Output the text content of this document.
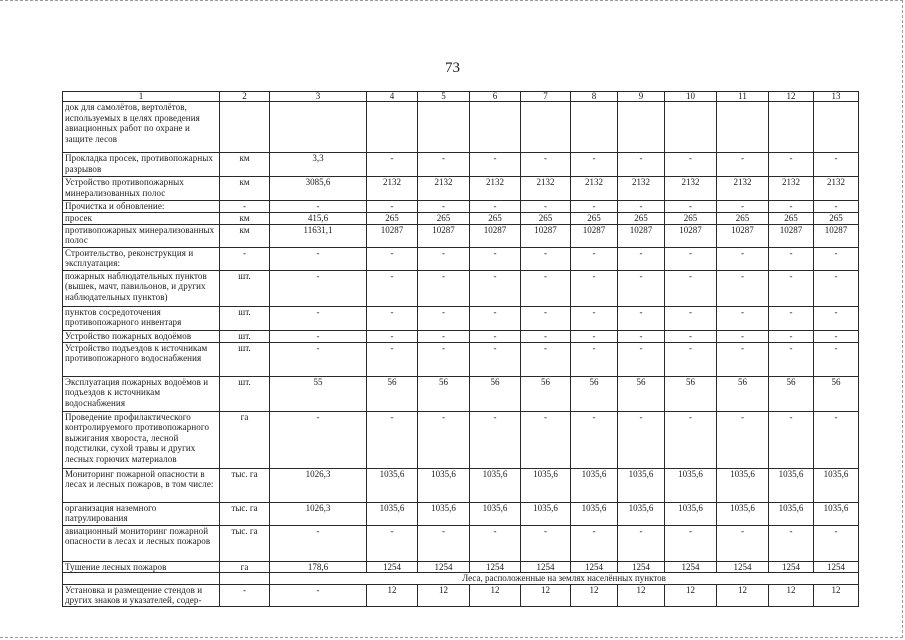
73
1	2	3	4	5	6	7	8	9	10	11	12	13
док для самолётов, вертолётов, используемых в целях проведения авиационных работ по охране и защите лесов												
Прокладка просек, противопожарных разрывов	км	3,3	-	-	-	-	-	-	-	-	-	-
Устройство противопожарных минерализованных полос	км	3085,6	2132	2132	2132	2132	2132	2132	2132	2132	2132	2132
Прочистка и обновление:	-	-	-	-	-	-	-	-	-	-	-	-
просек	км	415,6	265	265	265	265	265	265	265	265	265	265
противопожарных минерализованных полос	км	11631,1	10287	10287	10287	10287	10287	10287	10287	10287	10287	10287
Строительство, реконструкция и эксплуатация:	-	-	-	-	-	-	-	-	-	-	-	-
пожарных наблюдательных пунктов (вышек, мачт, павильонов, и других наблюдательных пунктов)	шт.	-	-	-	-	-	-	-	-	-	-	-
пунктов сосредоточения противопожарного инвентаря	шт.	-	-	-	-	-	-	-	-	-	-	-
Устройство пожарных водоёмов	шт.	-	-	-	-	-	-	-	-	-	-	-
Устройство подъездов к источникам противопожарного водоснабжения	шт.	-	-	-	-	-	-	-	-	-	-	-
Эксплуатация пожарных водоёмов и подъездов к источникам водоснабжения	шт.	55	56	56	56	56	56	56	56	56	56	56
Проведение профилактического контролируемого противопожарного выжигания хвороста, лесной подстилки, сухой травы и других лесных горючих материалов	га	-	-	-	-	-	-	-	-	-	-	-
Мониторинг пожарной опасности в лесах и лесных пожаров, в том числе:	тыс. га	1026,3	1035,6	1035,6	1035,6	1035,6	1035,6	1035,6	1035,6	1035,6	1035,6	1035,6
организация наземного патрулирования	тыс. га	1026,3	1035,6	1035,6	1035,6	1035,6	1035,6	1035,6	1035,6	1035,6	1035,6	1035,6
авиационный мониторинг пожарной опасности в лесах и лесных пожаров	тыс. га	-	-	-	-	-	-	-	-	-	-	-
Тушение лесных пожаров	га	178,6	1254	1254	1254	1254	1254	1254	1254	1254	1254	1254
		Леса, расположенные на землях населённых пунктов										
Установка и размещение стендов и других знаков и указателей, содер-	-	-	12	12	12	12	12	12	12	12	12	12
